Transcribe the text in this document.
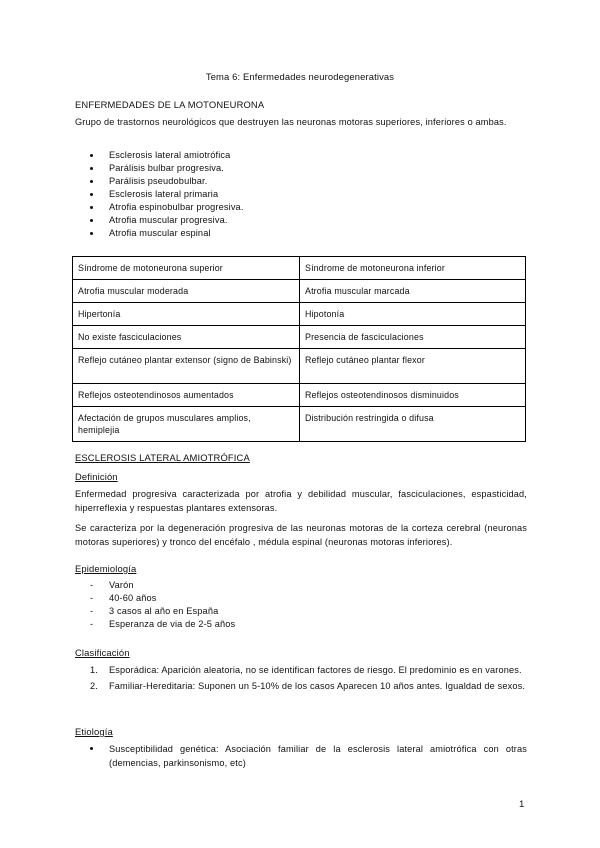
Tema 6: Enfermedades neurodegenerativas
ENFERMEDADES DE LA MOTONEURONA

Grupo de trastornos neurológicos que destruyen las neuronas motoras superiores, inferiores o ambas.

Esclerosis lateral amiotrófica
Parálisis bulbar progresiva.
Parálisis pseudobulbar.
Esclerosis lateral primaria
Atrofia espinobulbar progresiva.
Atrofia muscular progresiva.
Atrofia muscular espinal
Síndrome de motoneurona superior	Síndrome de motoneurona inferior
Atrofia muscular moderada	Atrofia muscular marcada
Hipertonía	Hipotonía
No existe fasciculaciones	Presencia de fasciculaciones
Reflejo cutáneo plantar extensor (signo de Babinski)	Reflejo cutáneo plantar flexor
Reflejos osteotendinosos aumentados	Reflejos osteotendinosos disminuidos
Afectación de grupos musculares amplios, hemiplejia	Distribución restringida o difusa
ESCLEROSIS LATERAL AMIOTRÓFICA
Definición

Enfermedad progresiva caracterizada por atrofia y debilidad muscular, fasciculaciones, espasticidad, hiperreflexia y respuestas plantares extensoras.

Se caracteriza por la degeneración progresiva de las neuronas motoras de la corteza cerebral (neuronas motoras superiores) y tronco del encéfalo , médula espinal (neuronas motoras inferiores).

Epidemiología
- Varón
- 40-60 años
- 3 casos al año en España
- Esperanza de via de 2-5 años
Clasificación
1. Esporádica: Aparición aleatoria, no se identifican factores de riesgo. El predominio es en varones.
2. Familiar-Hereditaria: Suponen un 5-10% de los casos Aparecen 10 años antes. Igualdad de sexos.
Etiología
Susceptibilidad genética: Asociación familiar de la esclerosis lateral amiotrófica con otras (demencias, parkinsonismo, etc)
1
